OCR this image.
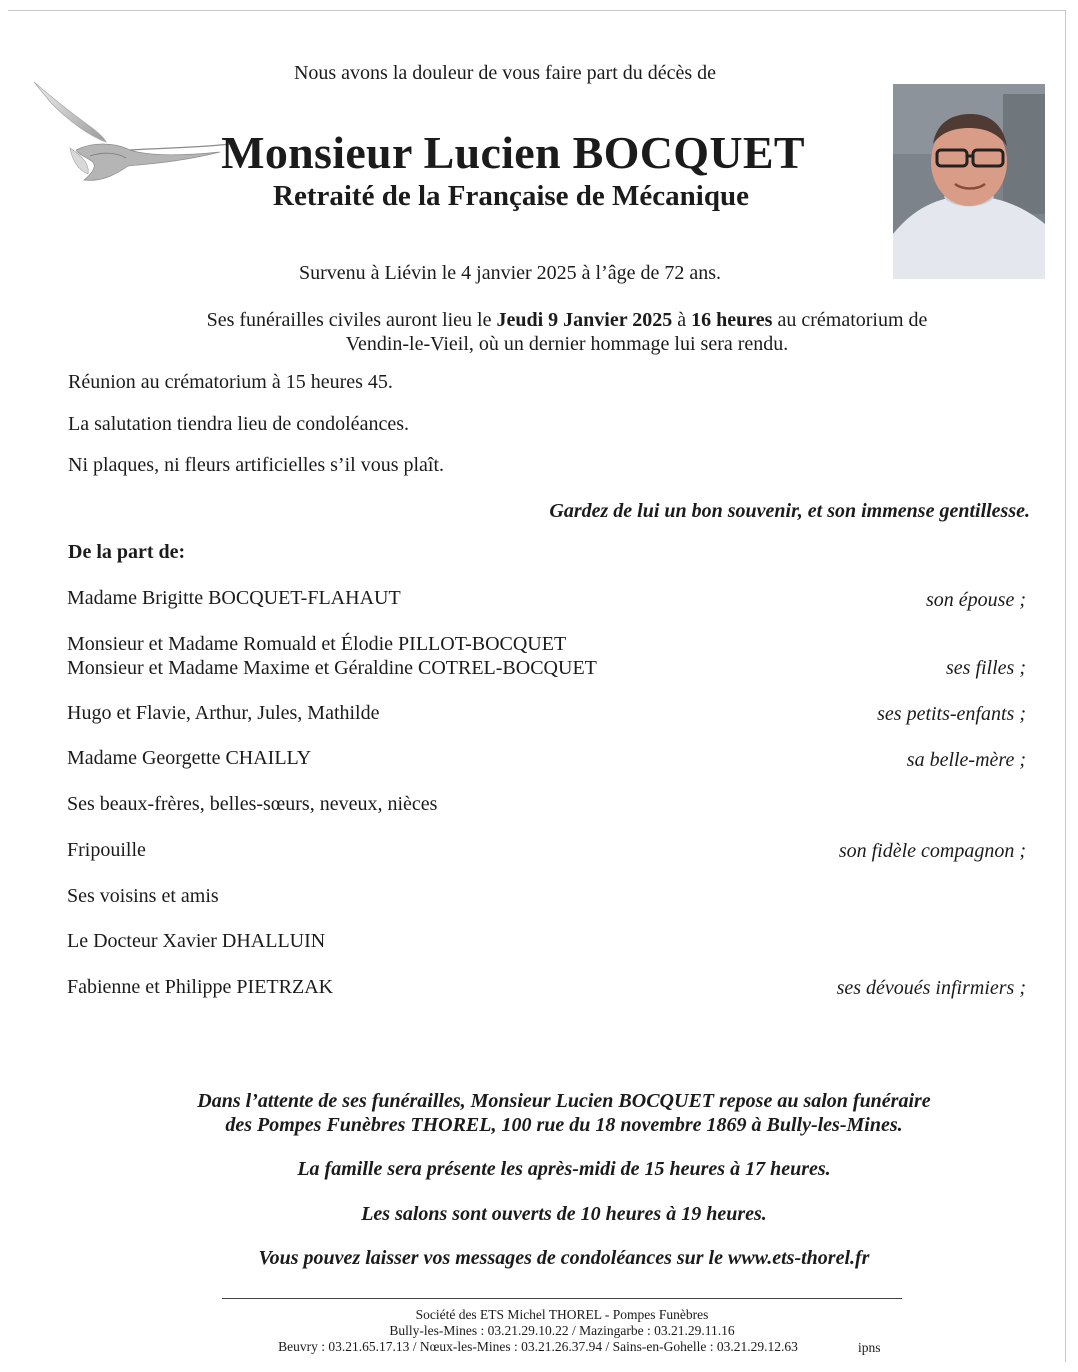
Nous avons la douleur de vous faire part du décès de
Monsieur Lucien BOCQUET
Retraité de la Française de Mécanique
Survenu à Liévin le 4 janvier 2025 à l’âge de 72 ans.
Ses funérailles civiles auront lieu le Jeudi 9 Janvier 2025 à 16 heures au crématorium de
Vendin-le-Vieil, où un dernier hommage lui sera rendu.
Réunion au crématorium à 15 heures 45.
La salutation tiendra lieu de condoléances.
Ni plaques, ni fleurs artificielles s’il vous plaît.
Gardez de lui un bon souvenir, et son immense gentillesse.
De la part de:
Madame Brigitte BOCQUET-FLAHAUT	son épouse ;
Monsieur et Madame Romuald et Élodie PILLOT-BOCQUET
Monsieur et Madame Maxime et Géraldine COTREL-BOCQUET	ses filles ;
Hugo et Flavie, Arthur, Jules, Mathilde	ses petits-enfants ;
Madame Georgette CHAILLY	sa belle-mère ;
Ses beaux-frères, belles-sœurs, neveux, nièces
Fripouille	son fidèle compagnon ;
Ses voisins et amis
Le Docteur Xavier DHALLUIN
Fabienne et Philippe PIETRZAK	ses dévoués infirmiers ;
Dans l’attente de ses funérailles, Monsieur Lucien BOCQUET repose au salon funéraire
des Pompes Funèbres THOREL, 100 rue du 18 novembre 1869 à Bully-les-Mines.
La famille sera présente les après-midi de 15 heures à 17 heures.
Les salons sont ouverts de 10 heures à 19 heures.
Vous pouvez laisser vos messages de condoléances sur le www.ets-thorel.fr
Société des ETS Michel THOREL - Pompes Funèbres
Bully-les-Mines : 03.21.29.10.22 / Mazingarbe : 03.21.29.11.16
Beuvry : 03.21.65.17.13 / Nœux-les-Mines : 03.21.26.37.94 / Sains-en-Gohelle : 03.21.29.12.63	ipns
